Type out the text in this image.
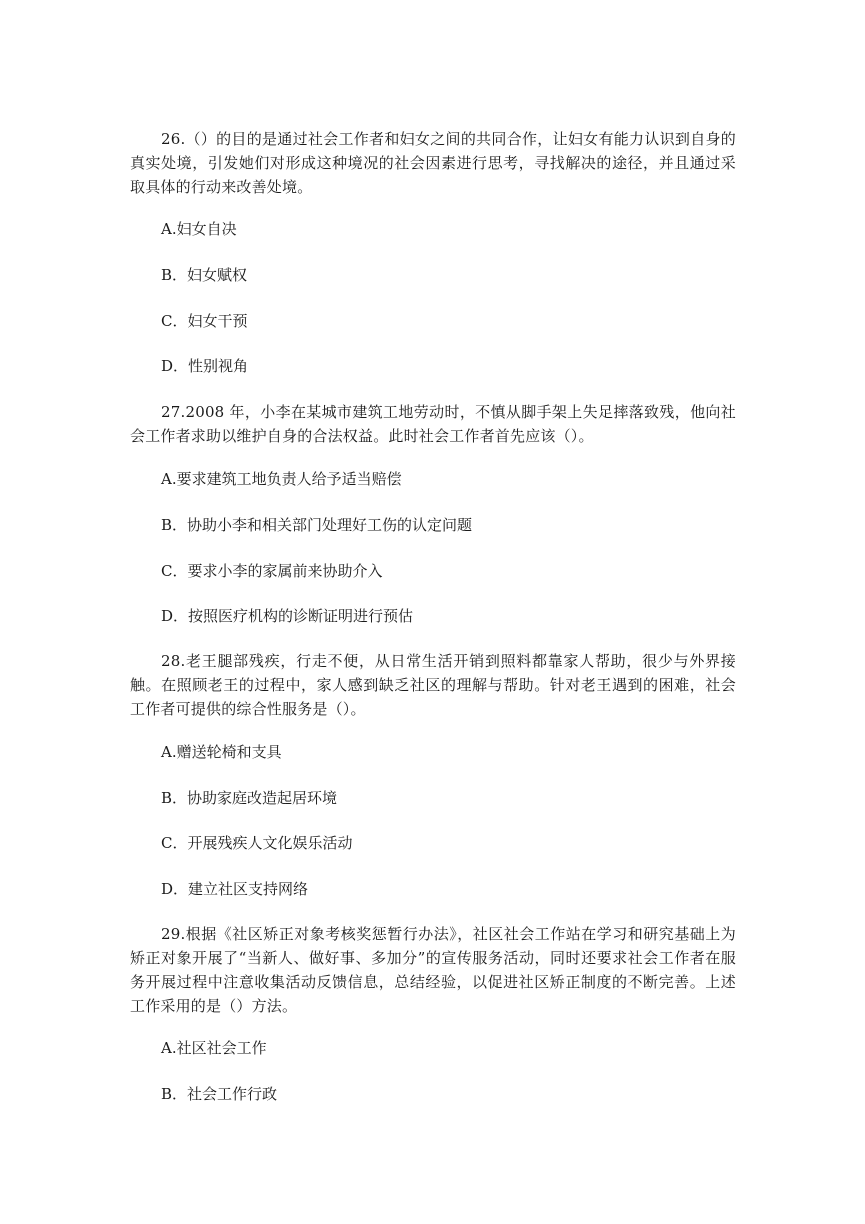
26.（）的目的是通过社会工作者和妇女之间的共同合作，让妇女有能力认识到自身的真实处境，引发她们对形成这种境况的社会因素进行思考，寻找解决的途径，并且通过采取具体的行动来改善处境。

A.妇女自决

B．妇女赋权

C．妇女干预

D．性别视角

27.2008 年，小李在某城市建筑工地劳动时，不慎从脚手架上失足摔落致残，他向社会工作者求助以维护自身的合法权益。此时社会工作者首先应该（）。

A.要求建筑工地负责人给予适当赔偿

B．协助小李和相关部门处理好工伤的认定问题

C．要求小李的家属前来协助介入

D．按照医疗机构的诊断证明进行预估

28.老王腿部残疾，行走不便，从日常生活开销到照料都靠家人帮助，很少与外界接触。在照顾老王的过程中，家人感到缺乏社区的理解与帮助。针对老王遇到的困难，社会工作者可提供的综合性服务是（）。

A.赠送轮椅和支具

B．协助家庭改造起居环境

C．开展残疾人文化娱乐活动

D．建立社区支持网络

29.根据《社区矫正对象考核奖惩暂行办法》，社区社会工作站在学习和研究基础上为矫正对象开展了“当新人、做好事、多加分”的宣传服务活动，同时还要求社会工作者在服务开展过程中注意收集活动反馈信息，总结经验，以促进社区矫正制度的不断完善。上述工作采用的是（）方法。

A.社区社会工作

B．社会工作行政
